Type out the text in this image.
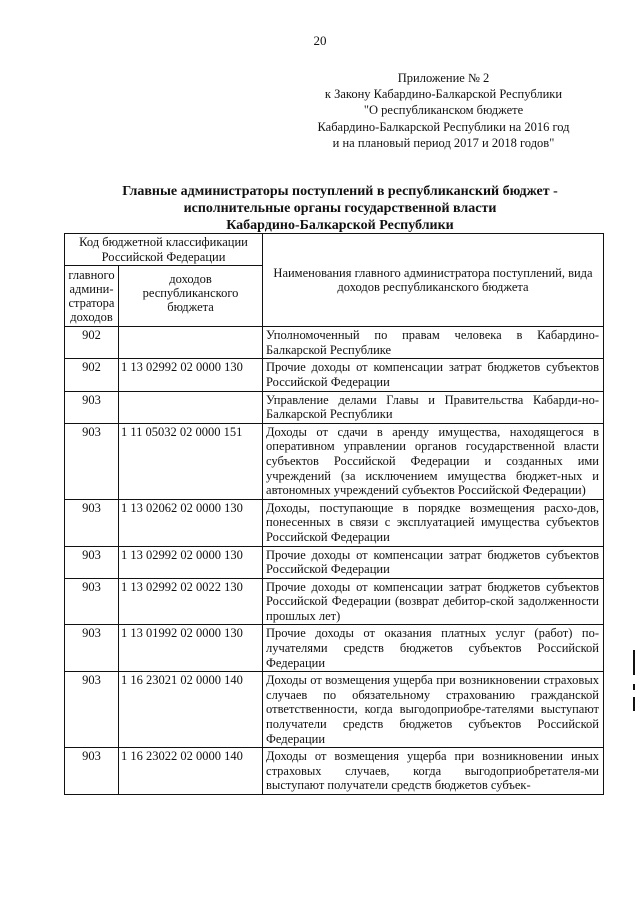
20
Приложение № 2
к Закону Кабардино-Балкарской Республики
"О республиканском бюджете
Кабардино-Балкарской Республики на 2016 год
и на плановый период 2017 и 2018 годов"
Главные администраторы поступлений в республиканский бюджет -
исполнительные органы государственной власти
Кабардино-Балкарской Республики
Код бюджетной классификации Российской Федерации		Наименования главного администратора поступлений, вида доходов республиканского бюджета
главного админи-стратора доходов	доходов республиканского бюджета	
902		Уполномоченный по правам человека в Кабардино-Балкарской Республике
902	1 13 02992 02 0000 130	Прочие доходы от компенсации затрат бюджетов субъектов Российской Федерации
903		Управление делами Главы и Правительства Кабарди-но-Балкарской Республики
903	1 11 05032 02 0000 151	Доходы от сдачи в аренду имущества, находящегося в оперативном управлении органов государственной власти субъектов Российской Федерации и созданных ими учреждений (за исключением имущества бюджет-ных и автономных учреждений субъектов Российской Федерации)
903	1 13 02062 02 0000 130	Доходы, поступающие в порядке возмещения расхо-дов, понесенных в связи с эксплуатацией имущества субъектов Российской Федерации
903	1 13 02992 02 0000 130	Прочие доходы от компенсации затрат бюджетов субъектов Российской Федерации
903	1 13 02992 02 0022 130	Прочие доходы от компенсации затрат бюджетов субъектов Российской Федерации (возврат дебитор-ской задолженности прошлых лет)
903	1 13 01992 02 0000 130	Прочие доходы от оказания платных услуг (работ) по-лучателями средств бюджетов субъектов Российской Федерации
903	1 16 23021 02 0000 140	Доходы от возмещения ущерба при возникновении страховых случаев по обязательному страхованию гражданской ответственности, когда выгодоприобре-тателями выступают получатели средств бюджетов субъектов Российской Федерации
903	1 16 23022 02 0000 140	Доходы от возмещения ущерба при возникновении иных страховых случаев, когда выгодоприобретателя-ми выступают получатели средств бюджетов субъек-
